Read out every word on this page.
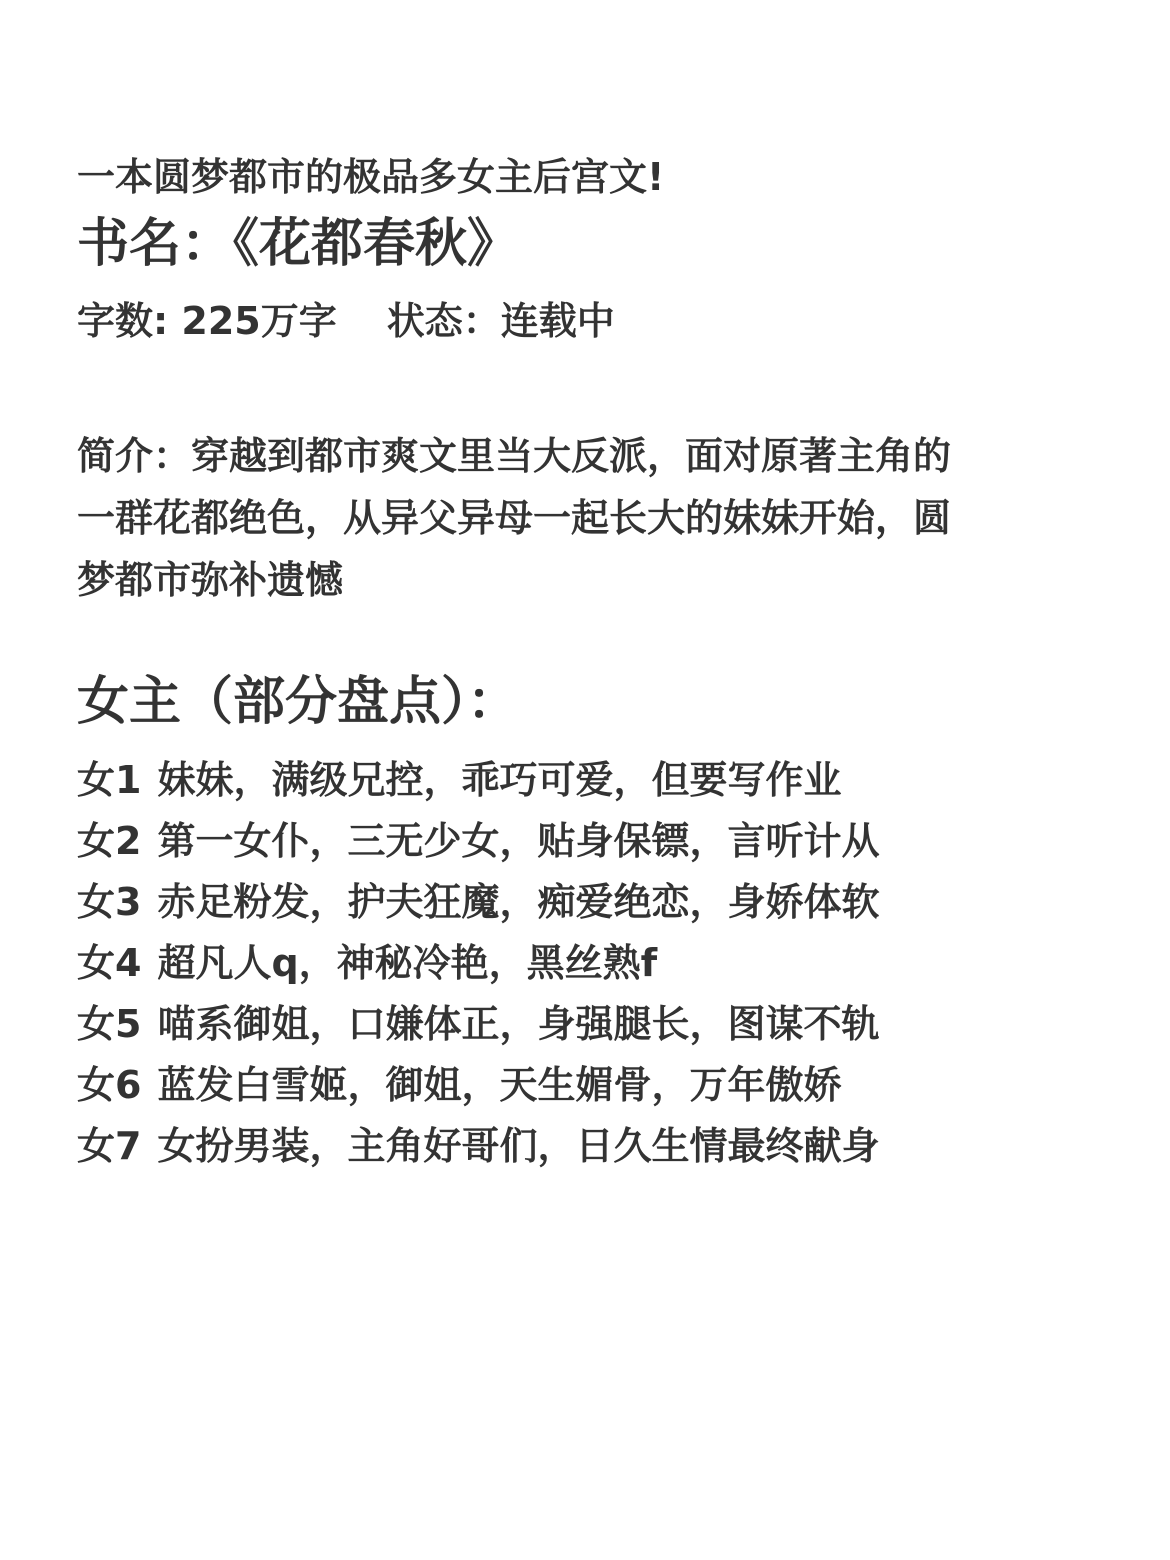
一本圆梦都市的极品多女主后宫文!
书名：《花都春秋》
字数: 225万字 状态：连载中

简介：穿越到都市爽文里当大反派，面对原著主角的

一群花都绝色，从异父异母一起长大的妹妹开始，圆

梦都市弥补遗憾

女主（部分盘点）：
女1 妹妹，满级兄控，乖巧可爱，但要写作业
女2 第一女仆，三无少女，贴身保镖，言听计从
女3 赤足粉发，护夫狂魔，痴爱绝恋，身娇体软
女4 超凡人q，神秘冷艳，黑丝熟f
女5 喵系御姐，口嫌体正，身强腿长，图谋不轨
女6 蓝发白雪姬，御姐，天生媚骨，万年傲娇
女7 女扮男装，主角好哥们，日久生情最终献身
